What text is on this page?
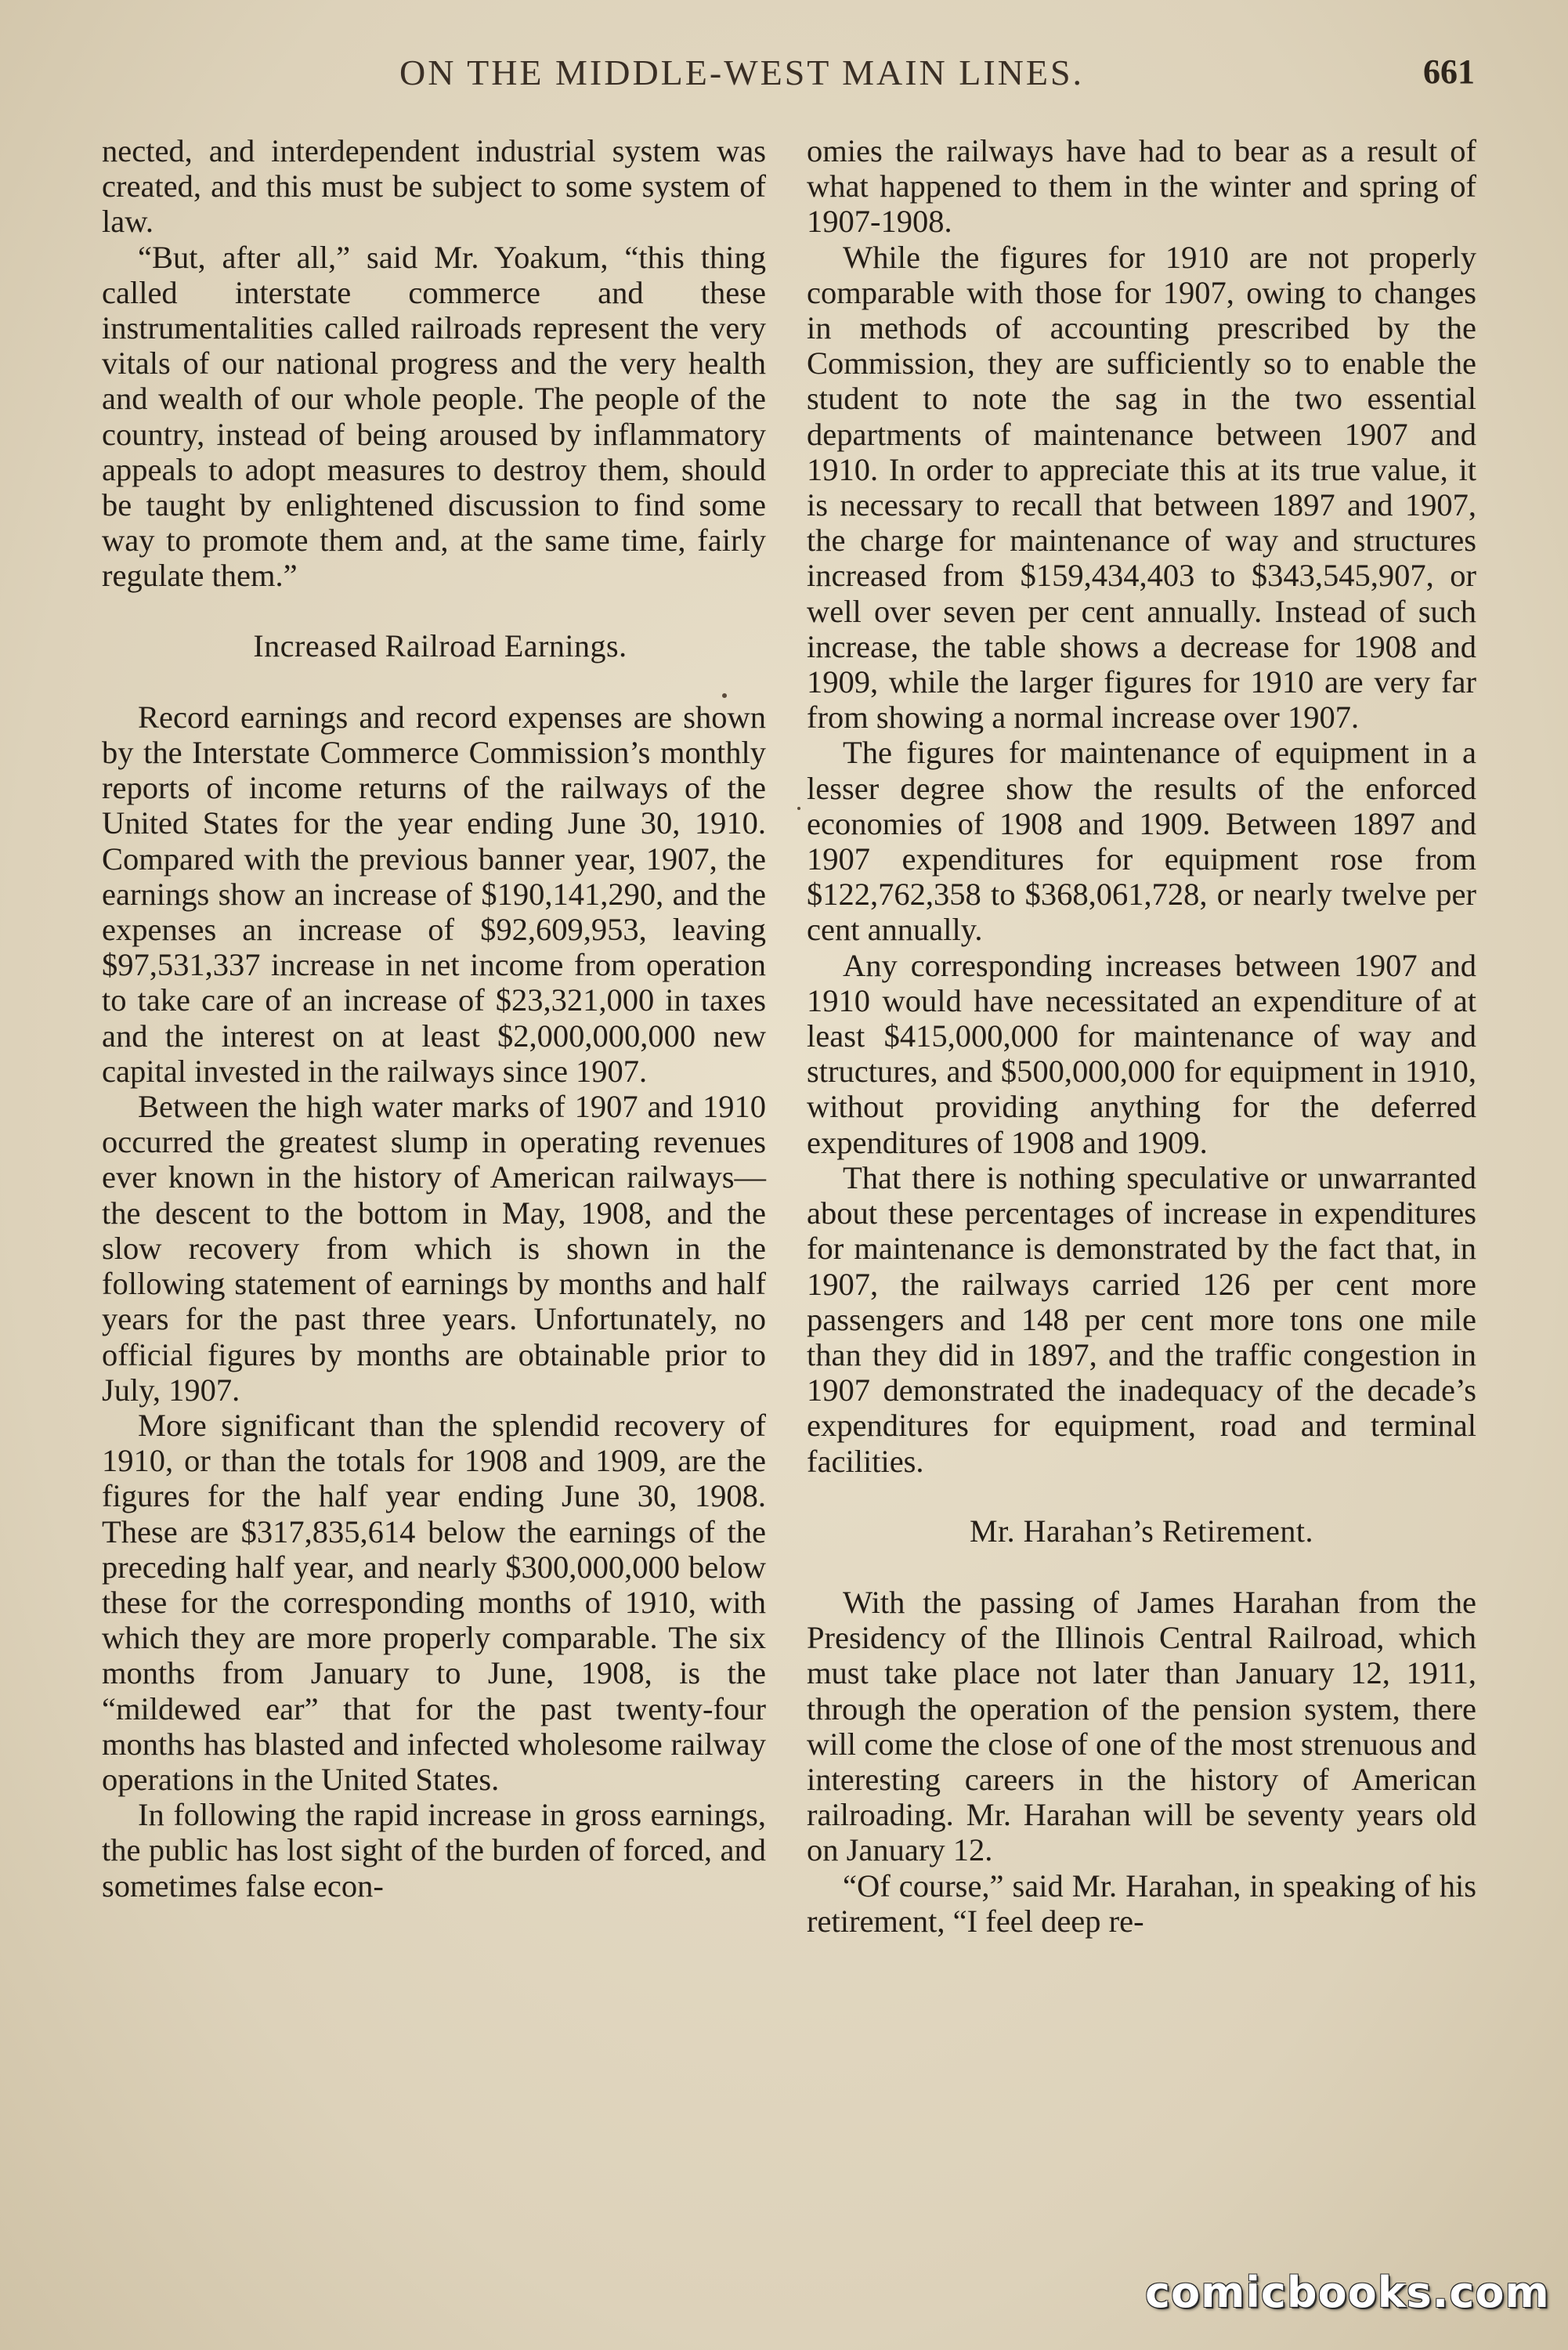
ON THE MIDDLE-WEST MAIN LINES.	661

nected, and interdependent industrial system was created, and this must be subject to some system of law.

“But, after all,” said Mr. Yoakum, “this thing called interstate commerce and these instrumentalities called railroads represent the very vitals of our national progress and the very health and wealth of our whole people. The people of the country, instead of being aroused by inflammatory appeals to adopt measures to destroy them, should be taught by enlightened discussion to find some way to promote them and, at the same time, fairly regulate them.”

Increased Railroad Earnings.

Record earnings and record expenses are shown by the Interstate Commerce Commission’s monthly reports of income returns of the railways of the United States for the year ending June 30, 1910. Compared with the previous banner year, 1907, the earnings show an increase of $190,141,290, and the expenses an increase of $92,609,953, leaving $97,531,337 increase in net income from operation to take care of an increase of $23,321,000 in taxes and the interest on at least $2,000,000,000 new capital invested in the railways since 1907.

Between the high water marks of 1907 and 1910 occurred the greatest slump in operating revenues ever known in the history of American railways—the descent to the bottom in May, 1908, and the slow recovery from which is shown in the following statement of earnings by months and half years for the past three years. Unfortunately, no official figures by months are obtainable prior to July, 1907.

More significant than the splendid recovery of 1910, or than the totals for 1908 and 1909, are the figures for the half year ending June 30, 1908. These are $317,835,614 below the earnings of the preceding half year, and nearly $300,000,000 below these for the corresponding months of 1910, with which they are more properly comparable. The six months from January to June, 1908, is the “mildewed ear” that for the past twenty-four months has blasted and infected wholesome railway operations in the United States.

In following the rapid increase in gross earnings, the public has lost sight of the burden of forced, and sometimes false econ-

omies the railways have had to bear as a result of what happened to them in the winter and spring of 1907-1908.

While the figures for 1910 are not properly comparable with those for 1907, owing to changes in methods of accounting prescribed by the Commission, they are sufficiently so to enable the student to note the sag in the two essential departments of maintenance between 1907 and 1910. In order to appreciate this at its true value, it is necessary to recall that between 1897 and 1907, the charge for maintenance of way and structures increased from $159,434,403 to $343,545,907, or well over seven per cent annually. Instead of such increase, the table shows a decrease for 1908 and 1909, while the larger figures for 1910 are very far from showing a normal increase over 1907.

The figures for maintenance of equipment in a lesser degree show the results of the enforced economies of 1908 and 1909. Between 1897 and 1907 expenditures for equipment rose from $122,762,358 to $368,061,728, or nearly twelve per cent annually.

Any corresponding increases between 1907 and 1910 would have necessitated an expenditure of at least $415,000,000 for maintenance of way and structures, and $500,000,000 for equipment in 1910, without providing anything for the deferred expenditures of 1908 and 1909.

That there is nothing speculative or unwarranted about these percentages of increase in expenditures for maintenance is demonstrated by the fact that, in 1907, the railways carried 126 per cent more passengers and 148 per cent more tons one mile than they did in 1897, and the traffic congestion in 1907 demonstrated the inadequacy of the decade’s expenditures for equipment, road and terminal facilities.

Mr. Harahan’s Retirement.

With the passing of James Harahan from the Presidency of the Illinois Central Railroad, which must take place not later than January 12, 1911, through the operation of the pension system, there will come the close of one of the most strenuous and interesting careers in the history of American railroading. Mr. Harahan will be seventy years old on January 12.

“Of course,” said Mr. Harahan, in speaking of his retirement, “I feel deep re-

comicbooks.com
